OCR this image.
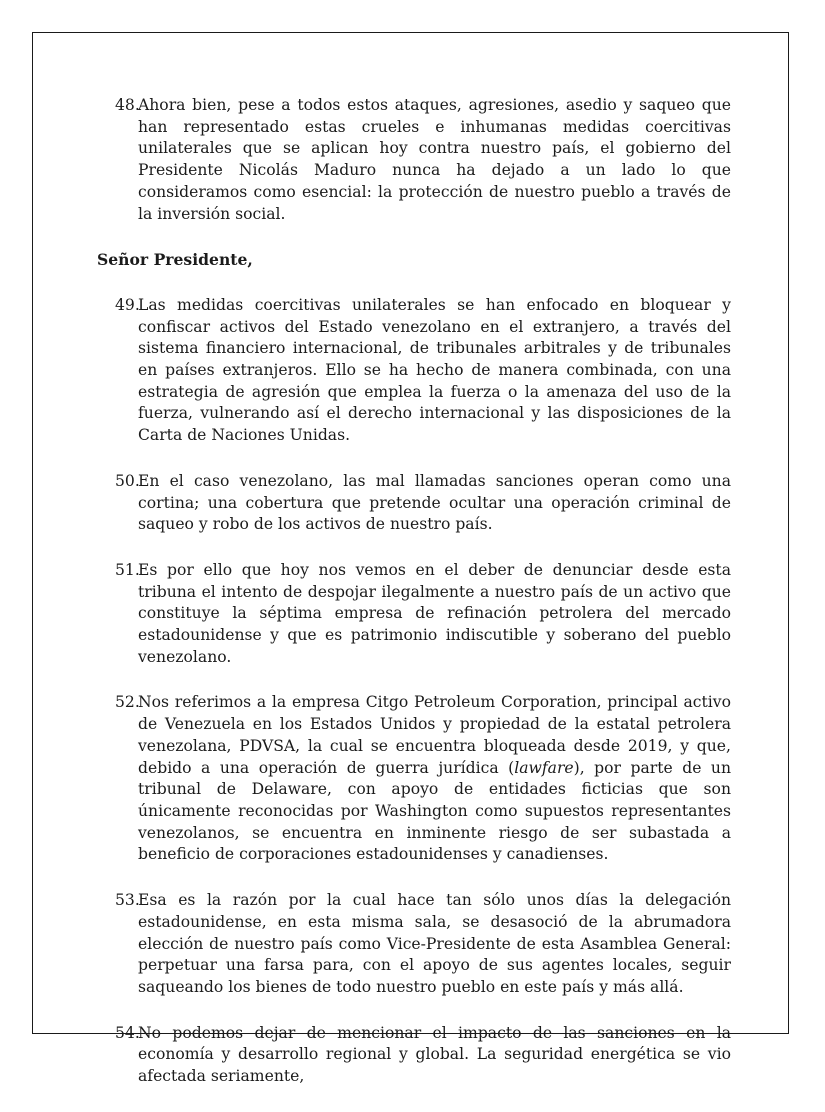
48.
Ahora bien, pese a todos estos ataques, agresiones, asedio y saqueo que han representado estas crueles e inhumanas medidas coercitivas unilaterales que se aplican hoy contra nuestro país, el gobierno del Presidente Nicolás Maduro nunca ha dejado a un lado lo que consideramos como esencial: la protección de nuestro pueblo a través de la inversión social.

Señor Presidente,

49.
Las medidas coercitivas unilaterales se han enfocado en bloquear y confiscar activos del Estado venezolano en el extranjero, a través del sistema financiero internacional, de tribunales arbitrales y de tribunales en países extranjeros. Ello se ha hecho de manera combinada, con una estrategia de agresión que emplea la fuerza o la amenaza del uso de la fuerza, vulnerando así el derecho internacional y las disposiciones de la Carta de Naciones Unidas.
50.
En el caso venezolano, las mal llamadas sanciones operan como una cortina; una cobertura que pretende ocultar una operación criminal de saqueo y robo de los activos de nuestro país.
51.
Es por ello que hoy nos vemos en el deber de denunciar desde esta tribuna el intento de despojar ilegalmente a nuestro país de un activo que constituye la séptima empresa de refinación petrolera del mercado estadounidense y que es patrimonio indiscutible y soberano del pueblo venezolano.
52.
Nos referimos a la empresa Citgo Petroleum Corporation, principal activo de Venezuela en los Estados Unidos y propiedad de la estatal petrolera venezolana, PDVSA, la cual se encuentra bloqueada desde 2019, y que, debido a una operación de guerra jurídica (lawfare), por parte de un tribunal de Delaware, con apoyo de entidades ficticias que son únicamente reconocidas por Washington como supuestos representantes venezolanos, se encuentra en inminente riesgo de ser subastada a beneficio de corporaciones estadounidenses y canadienses.
53.
Esa es la razón por la cual hace tan sólo unos días la delegación estadounidense, en esta misma sala, se desasoció de la abrumadora elección de nuestro país como Vice-Presidente de esta Asamblea General: perpetuar una farsa para, con el apoyo de sus agentes locales, seguir saqueando los bienes de todo nuestro pueblo en este país y más allá.
54.
No podemos dejar de mencionar el impacto de las sanciones en la economía y desarrollo regional y global. La seguridad energética se vio afectada seriamente,
